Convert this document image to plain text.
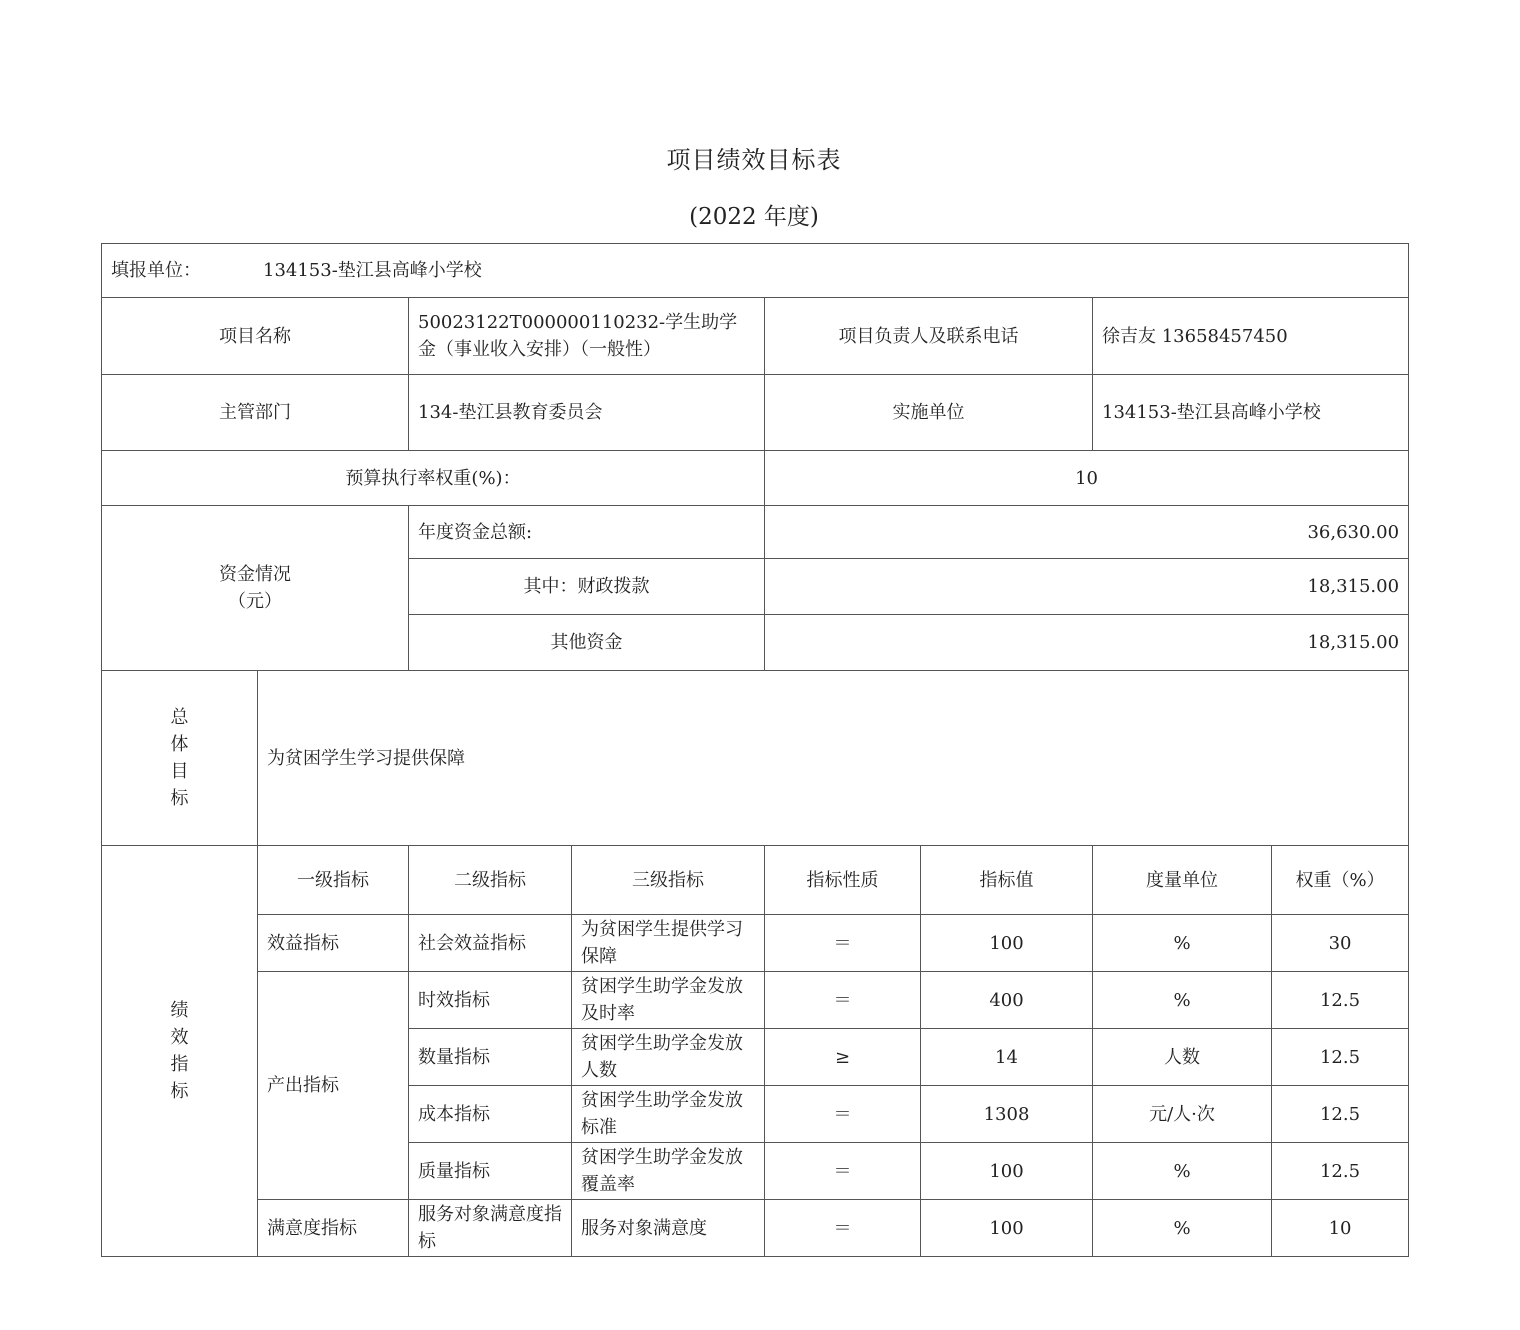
项目绩效目标表
(2022 年度)
填报单位： 134153-垫江县高峰小学校							
项目名称		50023122T000000110232-学生助学金（事业收入安排）（一般性）		项目负责人及联系电话		徐吉友 13658457450	
主管部门		134-垫江县教育委员会		实施单位		134153-垫江县高峰小学校	
预算执行率权重(%)：				10			

资金情况
（元）		年度资金总额:		36,630.00			
		其中：财政拨款		18,315.00			
		其他资金		18,315.00			

总
体
目
标	为贫困学生学习提供保障						

绩
效
指
标	一级指标	二级指标	三级指标	指标性质	指标值	度量单位	权重（%）
	效益指标	社会效益指标	为贫困学生提供学习保障	＝	100	%	30
	产出指标	时效指标	贫困学生助学金发放及时率	＝	400	%	12.5
		数量指标	贫困学生助学金发放人数	≥	14	人数	12.5
		成本指标	贫困学生助学金发放标准	＝	1308	元/人·次	12.5
		质量指标	贫困学生助学金发放覆盖率	＝	100	%	12.5
	满意度指标	服务对象满意度指标	服务对象满意度	＝	100	%	10
